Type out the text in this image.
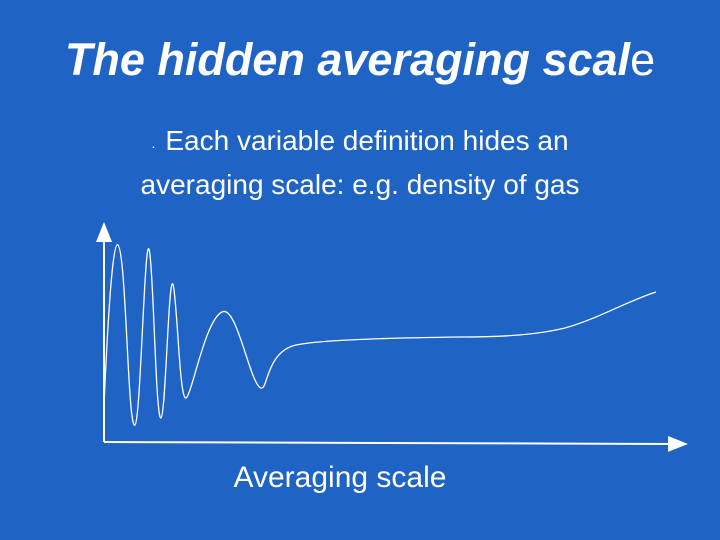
The hidden averaging scale
. Each variable definition hides an
averaging scale: e.g. density of gas
Averaging scale
